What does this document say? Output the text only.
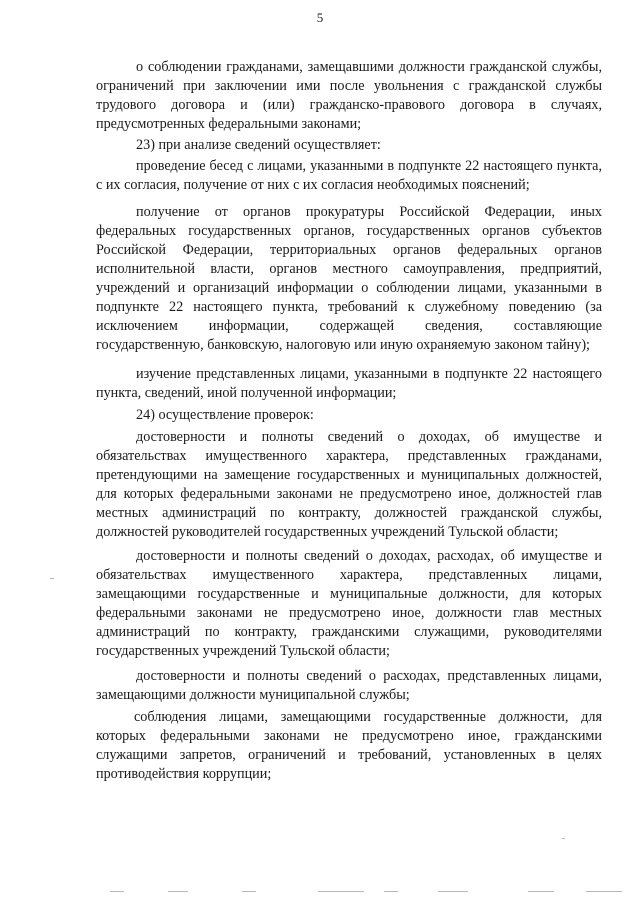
5

о соблюдении гражданами, замещавшими должности гражданской службы, ограничений при заключении ими после увольнения с гражданской службы трудового договора и (или) гражданско-правового договора в случаях, предусмотренных федеральными законами;

23) при анализе сведений осуществляет:

проведение бесед с лицами, указанными в подпункте 22 настоящего пункта, с их согласия, получение от них с их согласия необходимых пояснений;

получение от органов прокуратуры Российской Федерации, иных федеральных государственных органов, государственных органов субъектов Российской Федерации, территориальных органов федеральных органов исполнительной власти, органов местного самоуправления, предприятий, учреждений и организаций информации о соблюдении лицами, указанными в подпункте 22 настоящего пункта, требований к служебному поведению (за исключением информации, содержащей сведения, составляющие государственную, банковскую, налоговую или иную охраняемую законом тайну);

изучение представленных лицами, указанными в подпункте 22 настоящего пункта, сведений, иной полученной информации;

24) осуществление проверок:

достоверности и полноты сведений о доходах, об имуществе и обязательствах имущественного характера, представленных гражданами, претендующими на замещение государственных и муниципальных должностей, для которых федеральными законами не предусмотрено иное, должностей глав местных администраций по контракту, должностей гражданской службы, должностей руководителей государственных учреждений Тульской области;

достоверности и полноты сведений о доходах, расходах, об имуществе и обязательствах имущественного характера, представленных лицами, замещающими государственные и муниципальные должности, для которых федеральными законами не предусмотрено иное, должности глав местных администраций по контракту, гражданскими служащими, руководителями государственных учреждений Тульской области;

достоверности и полноты сведений о расходах, представленных лицами, замещающими должности муниципальной службы;

соблюдения лицами, замещающими государственные должности, для которых федеральными законами не предусмотрено иное, гражданскими служащими запретов, ограничений и требований, установленных в целях противодействия коррупции;
